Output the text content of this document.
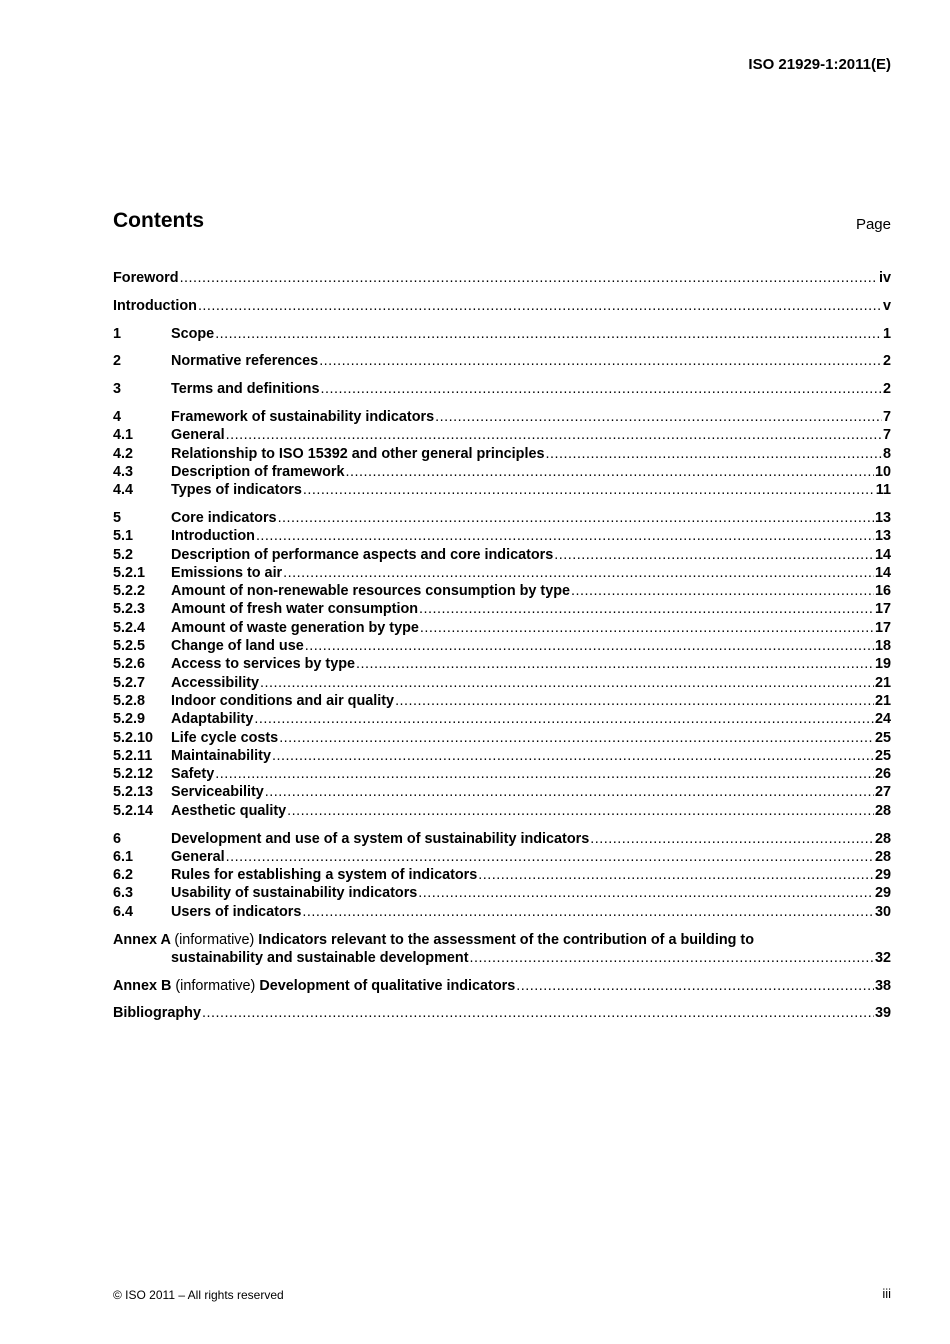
ISO 21929-1:2011(E)
Contents	Page
Foreword .....	iv
Introduction .....	v
1	Scope .....	1
2	Normative references .....	2
3	Terms and definitions .....	2
4	Framework of sustainability indicators .....	7
4.1	General .....	7
4.2	Relationship to ISO 15392 and other general principles .....	8
4.3	Description of framework .....	10
4.4	Types of indicators .....	11
5	Core indicators .....	13
5.1	Introduction .....	13
5.2	Description of performance aspects and core indicators .....	14
5.2.1	Emissions to air .....	14
5.2.2	Amount of non-renewable resources consumption by type .....	16
5.2.3	Amount of fresh water consumption .....	17
5.2.4	Amount of waste generation by type .....	17
5.2.5	Change of land use .....	18
5.2.6	Access to services by type .....	19
5.2.7	Accessibility .....	21
5.2.8	Indoor conditions and air quality .....	21
5.2.9	Adaptability .....	24
5.2.10	Life cycle costs .....	25
5.2.11	Maintainability .....	25
5.2.12	Safety .....	26
5.2.13	Serviceability .....	27
5.2.14	Aesthetic quality .....	28
6	Development and use of a system of sustainability indicators .....	28
6.1	General .....	28
6.2	Rules for establishing a system of indicators .....	29
6.3	Usability of sustainability indicators .....	29
6.4	Users of indicators .....	30
Annex A (informative) Indicators relevant to the assessment of the contribution of a building to
sustainability and sustainable development .....	32
Annex B (informative) Development of qualitative indicators .....	38
Bibliography .....	39
© ISO 2011 – All rights reserved	iii
